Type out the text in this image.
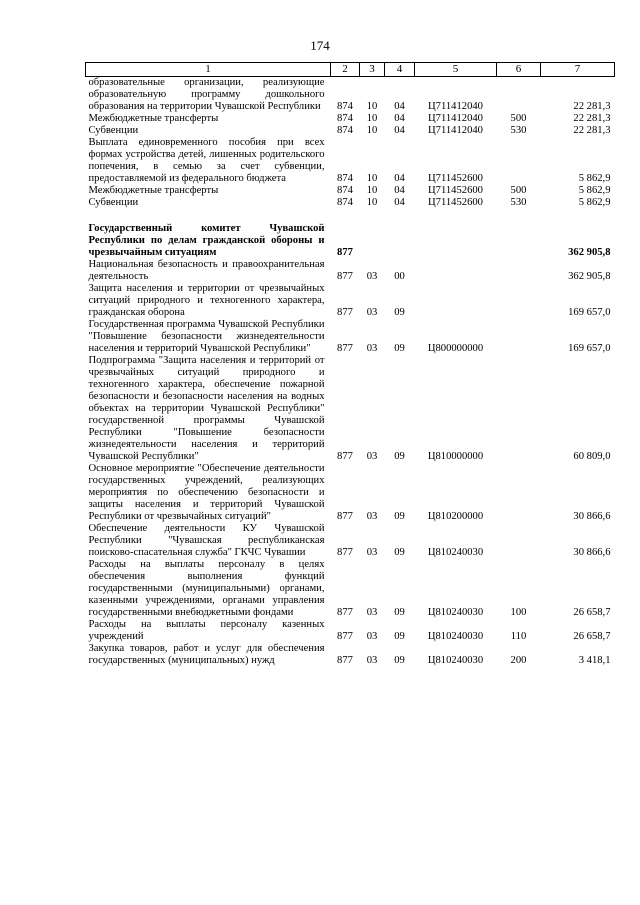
174
1	2	3	4	5	6	7
образовательные организации, реализующие образовательную программу дошкольного образования на территории Чувашской Республики	874	10	04	Ц711412040		22 281,3
Межбюджетные трансферты	874	10	04	Ц711412040	500	22 281,3
Субвенции	874	10	04	Ц711412040	530	22 281,3
Выплата единовременного пособия при всех формах устройства детей, лишенных родительского попечения, в семью за счет субвенции, предоставляемой из федерального бюджета	874	10	04	Ц711452600		5 862,9
Межбюджетные трансферты	874	10	04	Ц711452600	500	5 862,9
Субвенции	874	10	04	Ц711452600	530	5 862,9

Государственный комитет Чувашской Республики по делам гражданской обороны и чрезвычайным ситуациям	877					362 905,8
Национальная безопасность и правоохранительная деятельность	877	03	00			362 905,8
Защита населения и территории от чрезвычайных ситуаций природного и техногенного характера, гражданская оборона	877	03	09			169 657,0
Государственная программа Чувашской Республики "Повышение безопасности жизнедеятельности населения и территорий Чувашской Республики"	877	03	09	Ц800000000		169 657,0
Подпрограмма "Защита населения и территорий от чрезвычайных ситуаций природного и техногенного характера, обеспечение пожарной безопасности и безопасности населения на водных объектах на территории Чувашской Республики" государственной программы Чувашской Республики "Повышение безопасности жизнедеятельности населения и территорий Чувашской Республики"	877	03	09	Ц810000000		60 809,0
Основное мероприятие "Обеспечение деятельности государственных учреждений, реализующих мероприятия по обеспечению безопасности и защиты населения и территорий Чувашской Республики от чрезвычайных ситуаций"	877	03	09	Ц810200000		30 866,6
Обеспечение деятельности КУ Чувашской Республики "Чувашская республиканская поисково-спасательная служба" ГКЧС Чувашии	877	03	09	Ц810240030		30 866,6
Расходы на выплаты персоналу в целях обеспечения выполнения функций государственными (муниципальными) органами, казенными учреждениями, органами управления государственными внебюджетными фондами	877	03	09	Ц810240030	100	26 658,7
Расходы на выплаты персоналу казенных учреждений	877	03	09	Ц810240030	110	26 658,7
Закупка товаров, работ и услуг для обеспечения государственных (муниципальных) нужд	877	03	09	Ц810240030	200	3 418,1
